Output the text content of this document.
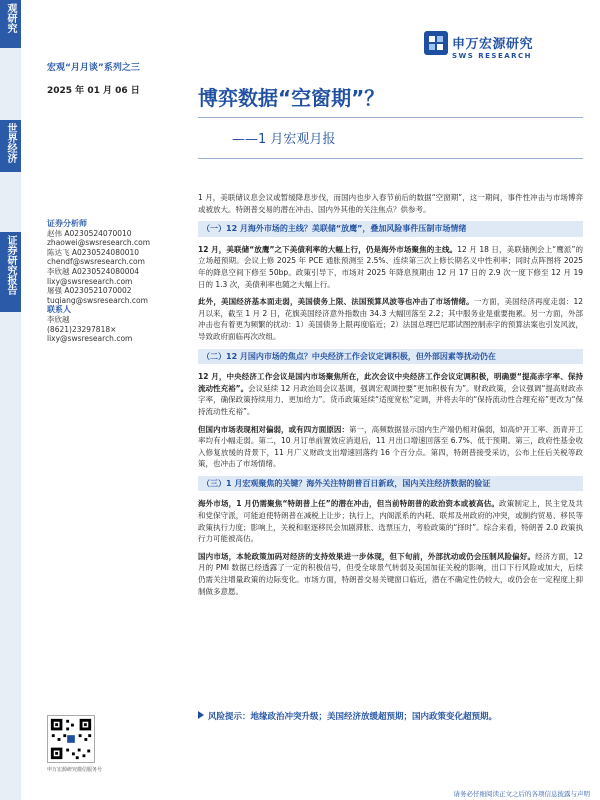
观研究
世界经济
证券研究报告
宏观“月月谈”系列之三
2025 年 01 月 06 日
申万宏源研究
SWS RESEARCH
博弈数据“空窗期”？
——1 月宏观月报
证券分析师
赵伟 A0230524070010
zhaowei@swsresearch.com
陈达飞 A0230524080010
chendf@swsresearch.com
李欣越 A0230524080004
lixy@swsresearch.com
屠强 A0230521070002
tuqiang@swsresearch.com
联系人
李欣越
(8621)23297818×
lixy@swsresearch.com
申万宏源研究微信服务号
1 月，美联储议息会议或暂缓降息步伐，而国内也步入春节前后的数据“空窗期”，这一期间，事件性冲击与市场博弈或被放大。特朗普交易的潜在冲击、国内外其他的关注焦点？供参考。
（一）12 月海外市场的主线？美联储“放鹰”，叠加风险事件压制市场情绪
12 月，美联储“放鹰”之下美债利率的大幅上行，仍是海外市场聚焦的主线。12 月 18 日，美联储例会上“鹰派”的立场超预期。会议上修 2025 年 PCE 通胀预测至 2.5%、连续第三次上修长期名义中性利率；同时点阵图将 2025 年的降息空间下修至 50bp。政策引导下，市场对 2025 年降息预期由 12 月 17 日的 2.9 次一度下修至 12 月 19 日的 1.3 次，美债利率也随之大幅上行。
此外，美国经济基本面走弱，美国债务上限、法国预算风波等也冲击了市场情绪。一方面，美国经济再度走弱：12 月以来，截至 1 月 2 日，花旗美国经济意外指数由 34.3 大幅回落至 2.2；其中服务业是重要拖累。另一方面，外部冲击也有着更为频繁的扰动：1）美国债务上限再度临近；2）法国总理巴尼耶试图控制赤字的预算法案也引发风波，导致政府面临再次改组。
（二）12 月国内市场的焦点？中央经济工作会议定调积极，但外部因素等扰动仍在
12 月，中央经济工作会议是国内市场聚焦所在，此次会议中央经济工作会议定调积极，明确要“提高赤字率、保持流动性充裕”。会议延续 12 月政治局会议基调，强调宏观调控要“更加积极有为”。财政政策，会议强调“提高财政赤字率，确保政策持续用力、更加给力”。货币政策延续“适度宽松”定调，并将去年的“保持流动性合理充裕”更改为“保持流动性充裕”。
但国内市场表现相对偏弱，或有四方面原因：第一，高频数据显示国内生产端仍相对偏弱，如高炉开工率、沥青开工率均有小幅走弱。第二，10 月订单前置效应消退后，11 月出口增速回落至 6.7%、低于预期。第三，政府性基金收入修复放缓的背景下，11 月广义财政支出增速回落约 16 个百分点。第四，特朗普接受采访，公布上任后关税等政策，也冲击了市场情绪。
（三）1 月宏观聚焦的关键？海外关注特朗普百日新政，国内关注经济数据的验证
海外市场，1 月仍需聚焦“特朗普上任”的潜在冲击，但当前特朗普的政治资本或被高估。政策制定上，民主党及共和党保守派，可能迫使特朗普在减税上让步；执行上，内阁派系的内耗、联邦及州政府的冲突，或制约贸易、移民等政策执行力度；影响上，关税和驱逐移民会加剧滞胀、选票压力，考验政策的“择时”。综合来看，特朗普 2.0 政策执行力可能被高估。
国内市场，本轮政策加码对经济的支持效果进一步体现，但下旬前，外部扰动或仍会压制风险偏好。经济方面，12 月的 PMI 数据已经透露了一定的积极信号，但受全球景气转弱及美国加征关税的影响，出口下行风险或加大，后续仍需关注增量政策的边际变化。市场方面，特朗普交易关键窗口临近，潜在不确定性仍较大，或仍会在一定程度上抑制做多意愿。
风险提示：地缘政治冲突升级；美国经济放缓超预期；国内政策变化超预期。
请务必仔细阅读正文之后的各项信息披露与声明
